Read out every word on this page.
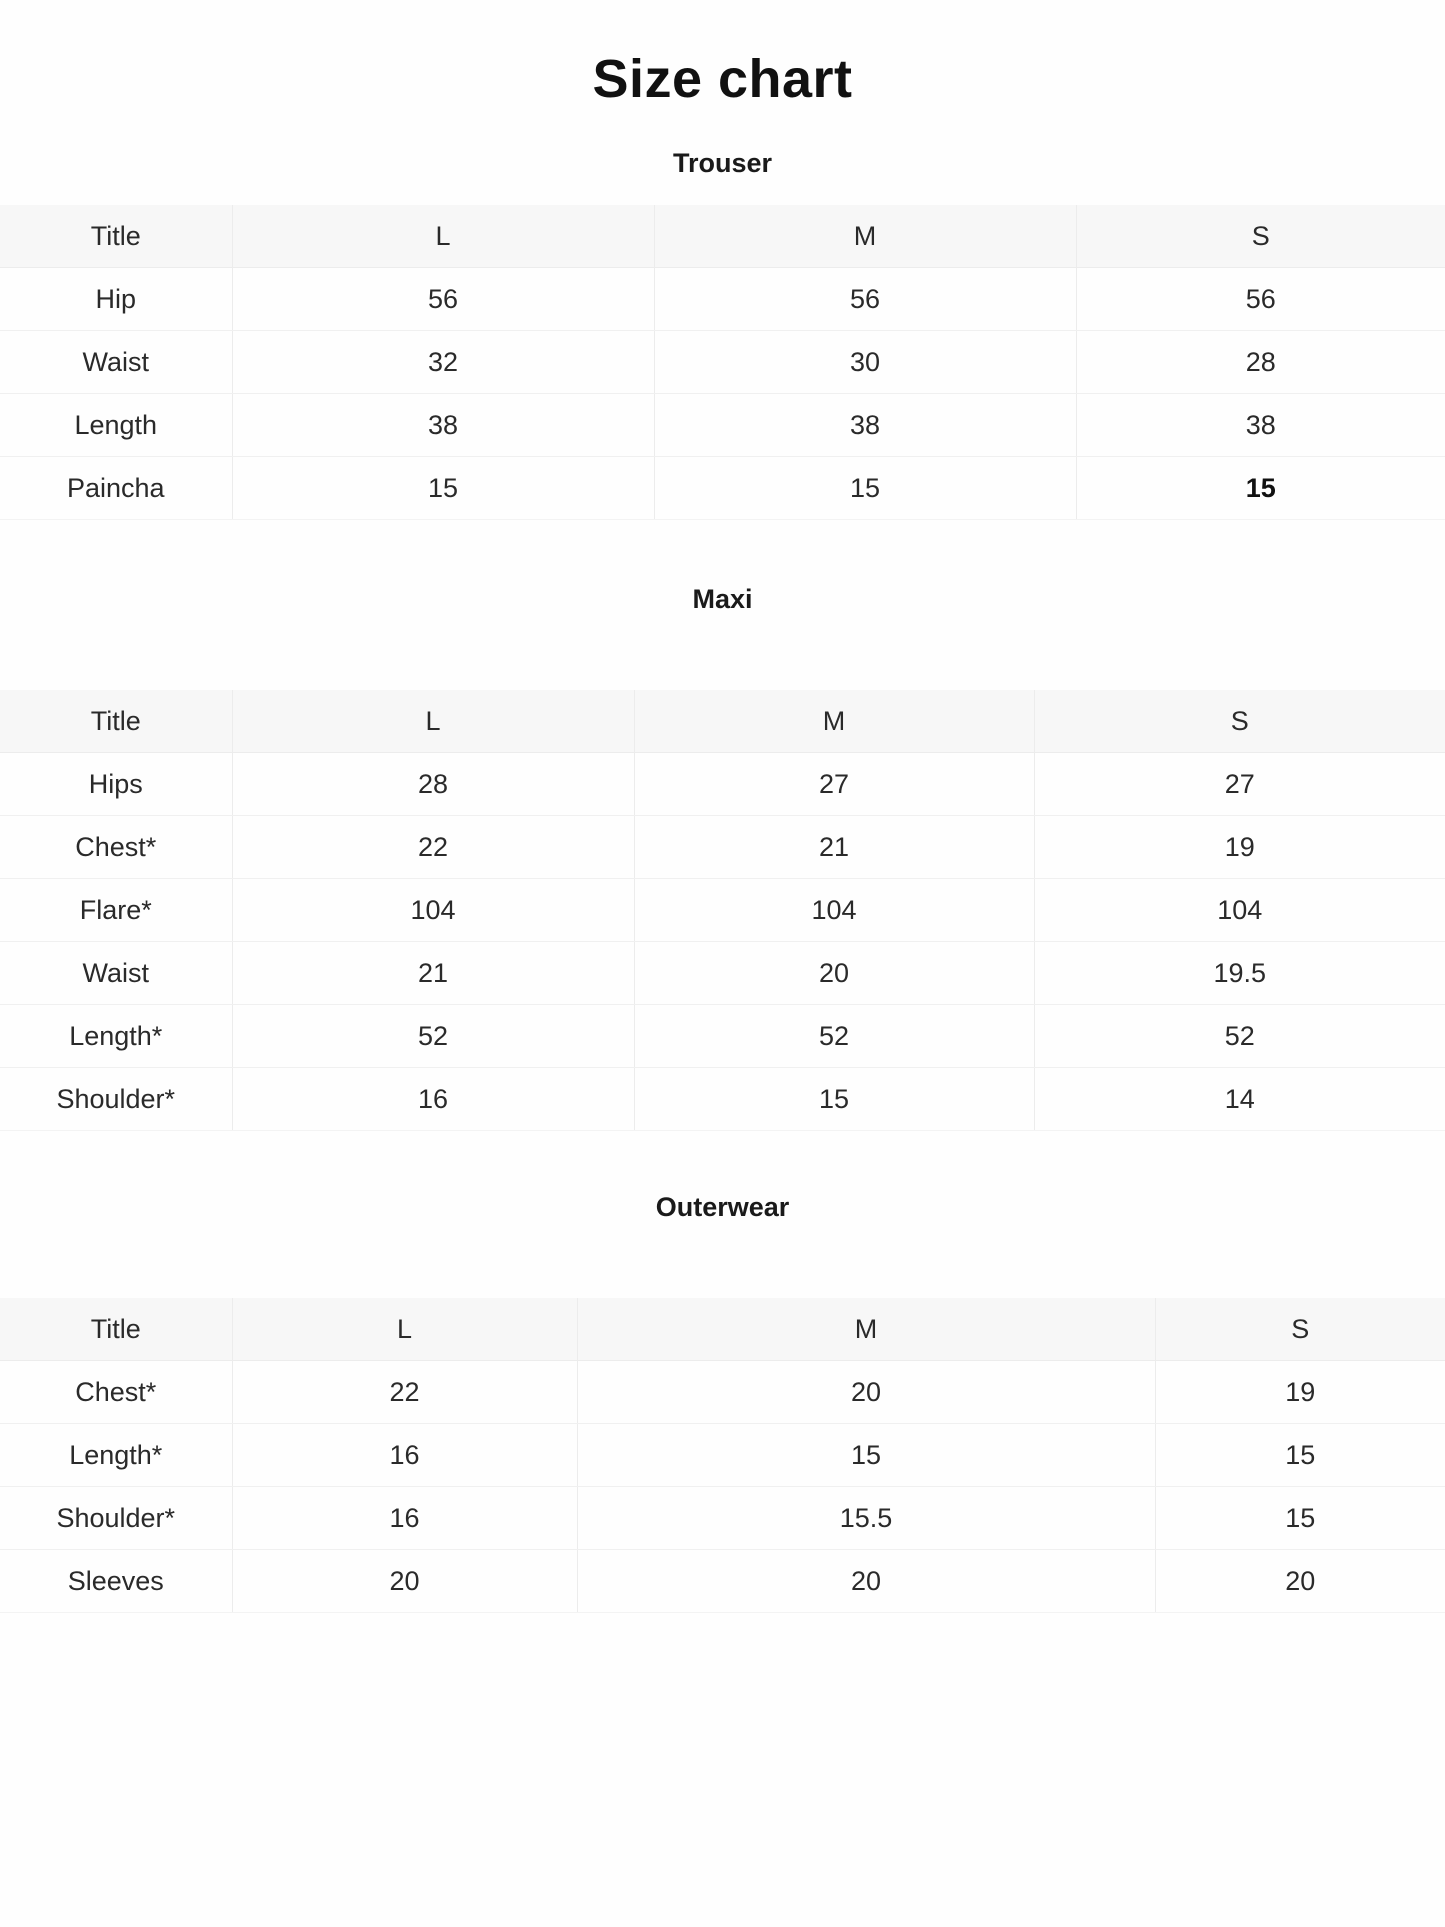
Size chart
Trouser
Title	L	M	S
Hip	56	56	56
Waist	32	30	28
Length	38	38	38
Paincha	15	15	15
Maxi
Title	L	M	S
Hips	28	27	27
Chest*	22	21	19
Flare*	104	104	104
Waist	21	20	19.5
Length*	52	52	52
Shoulder*	16	15	14
Outerwear
Title	L	M	S
Chest*	22	20	19
Length*	16	15	15
Shoulder*	16	15.5	15
Sleeves	20	20	20
